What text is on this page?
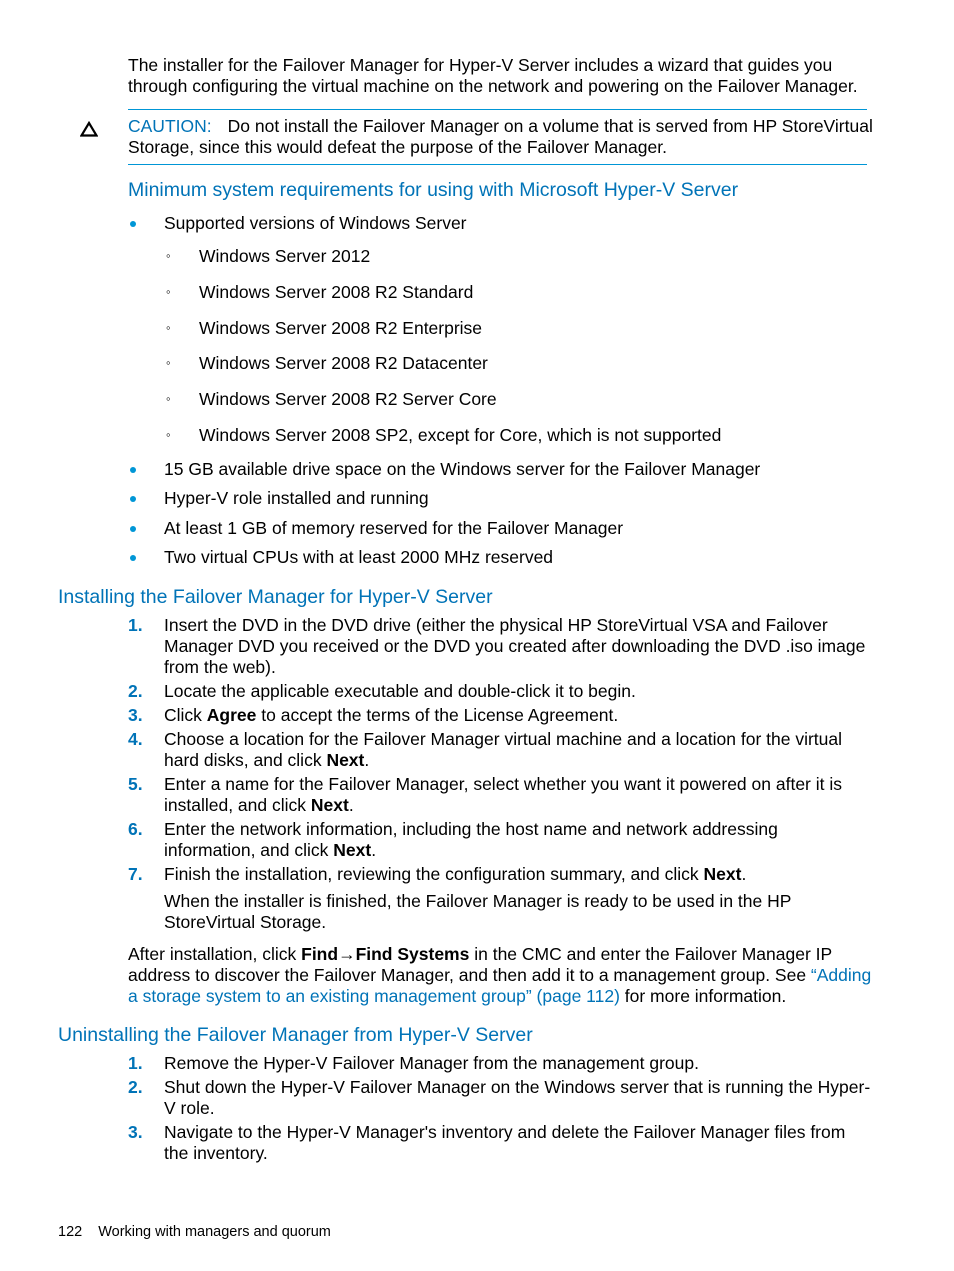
The installer for the Failover Manager for Hyper-V Server includes a wizard that guides you through configuring the virtual machine on the network and powering on the Failover Manager.
CAUTION: Do not install the Failover Manager on a volume that is served from HP StoreVirtual Storage, since this would defeat the purpose of the Failover Manager.
Minimum system requirements for using with Microsoft Hyper-V Server
Supported versions of Windows Server
◦ Windows Server 2012
◦ Windows Server 2008 R2 Standard
◦ Windows Server 2008 R2 Enterprise
◦ Windows Server 2008 R2 Datacenter
◦ Windows Server 2008 R2 Server Core
◦ Windows Server 2008 SP2, except for Core, which is not supported
15 GB available drive space on the Windows server for the Failover Manager
Hyper-V role installed and running
At least 1 GB of memory reserved for the Failover Manager
Two virtual CPUs with at least 2000 MHz reserved
Installing the Failover Manager for Hyper-V Server
1. Insert the DVD in the DVD drive (either the physical HP StoreVirtual VSA and Failover Manager DVD you received or the DVD you created after downloading the DVD .iso image from the web).
2. Locate the applicable executable and double-click it to begin.
3. Click Agree to accept the terms of the License Agreement.
4. Choose a location for the Failover Manager virtual machine and a location for the virtual hard disks, and click Next.
5. Enter a name for the Failover Manager, select whether you want it powered on after it is installed, and click Next.
6. Enter the network information, including the host name and network addressing information, and click Next.
7. Finish the installation, reviewing the configuration summary, and click Next.
When the installer is finished, the Failover Manager is ready to be used in the HP StoreVirtual Storage.
After installation, click Find→Find Systems in the CMC and enter the Failover Manager IP address to discover the Failover Manager, and then add it to a management group. See “Adding a storage system to an existing management group” (page 112) for more information.
Uninstalling the Failover Manager from Hyper-V Server
1. Remove the Hyper-V Failover Manager from the management group.
2. Shut down the Hyper-V Failover Manager on the Windows server that is running the Hyper-V role.
3. Navigate to the Hyper-V Manager's inventory and delete the Failover Manager files from the inventory.
122 Working with managers and quorum
